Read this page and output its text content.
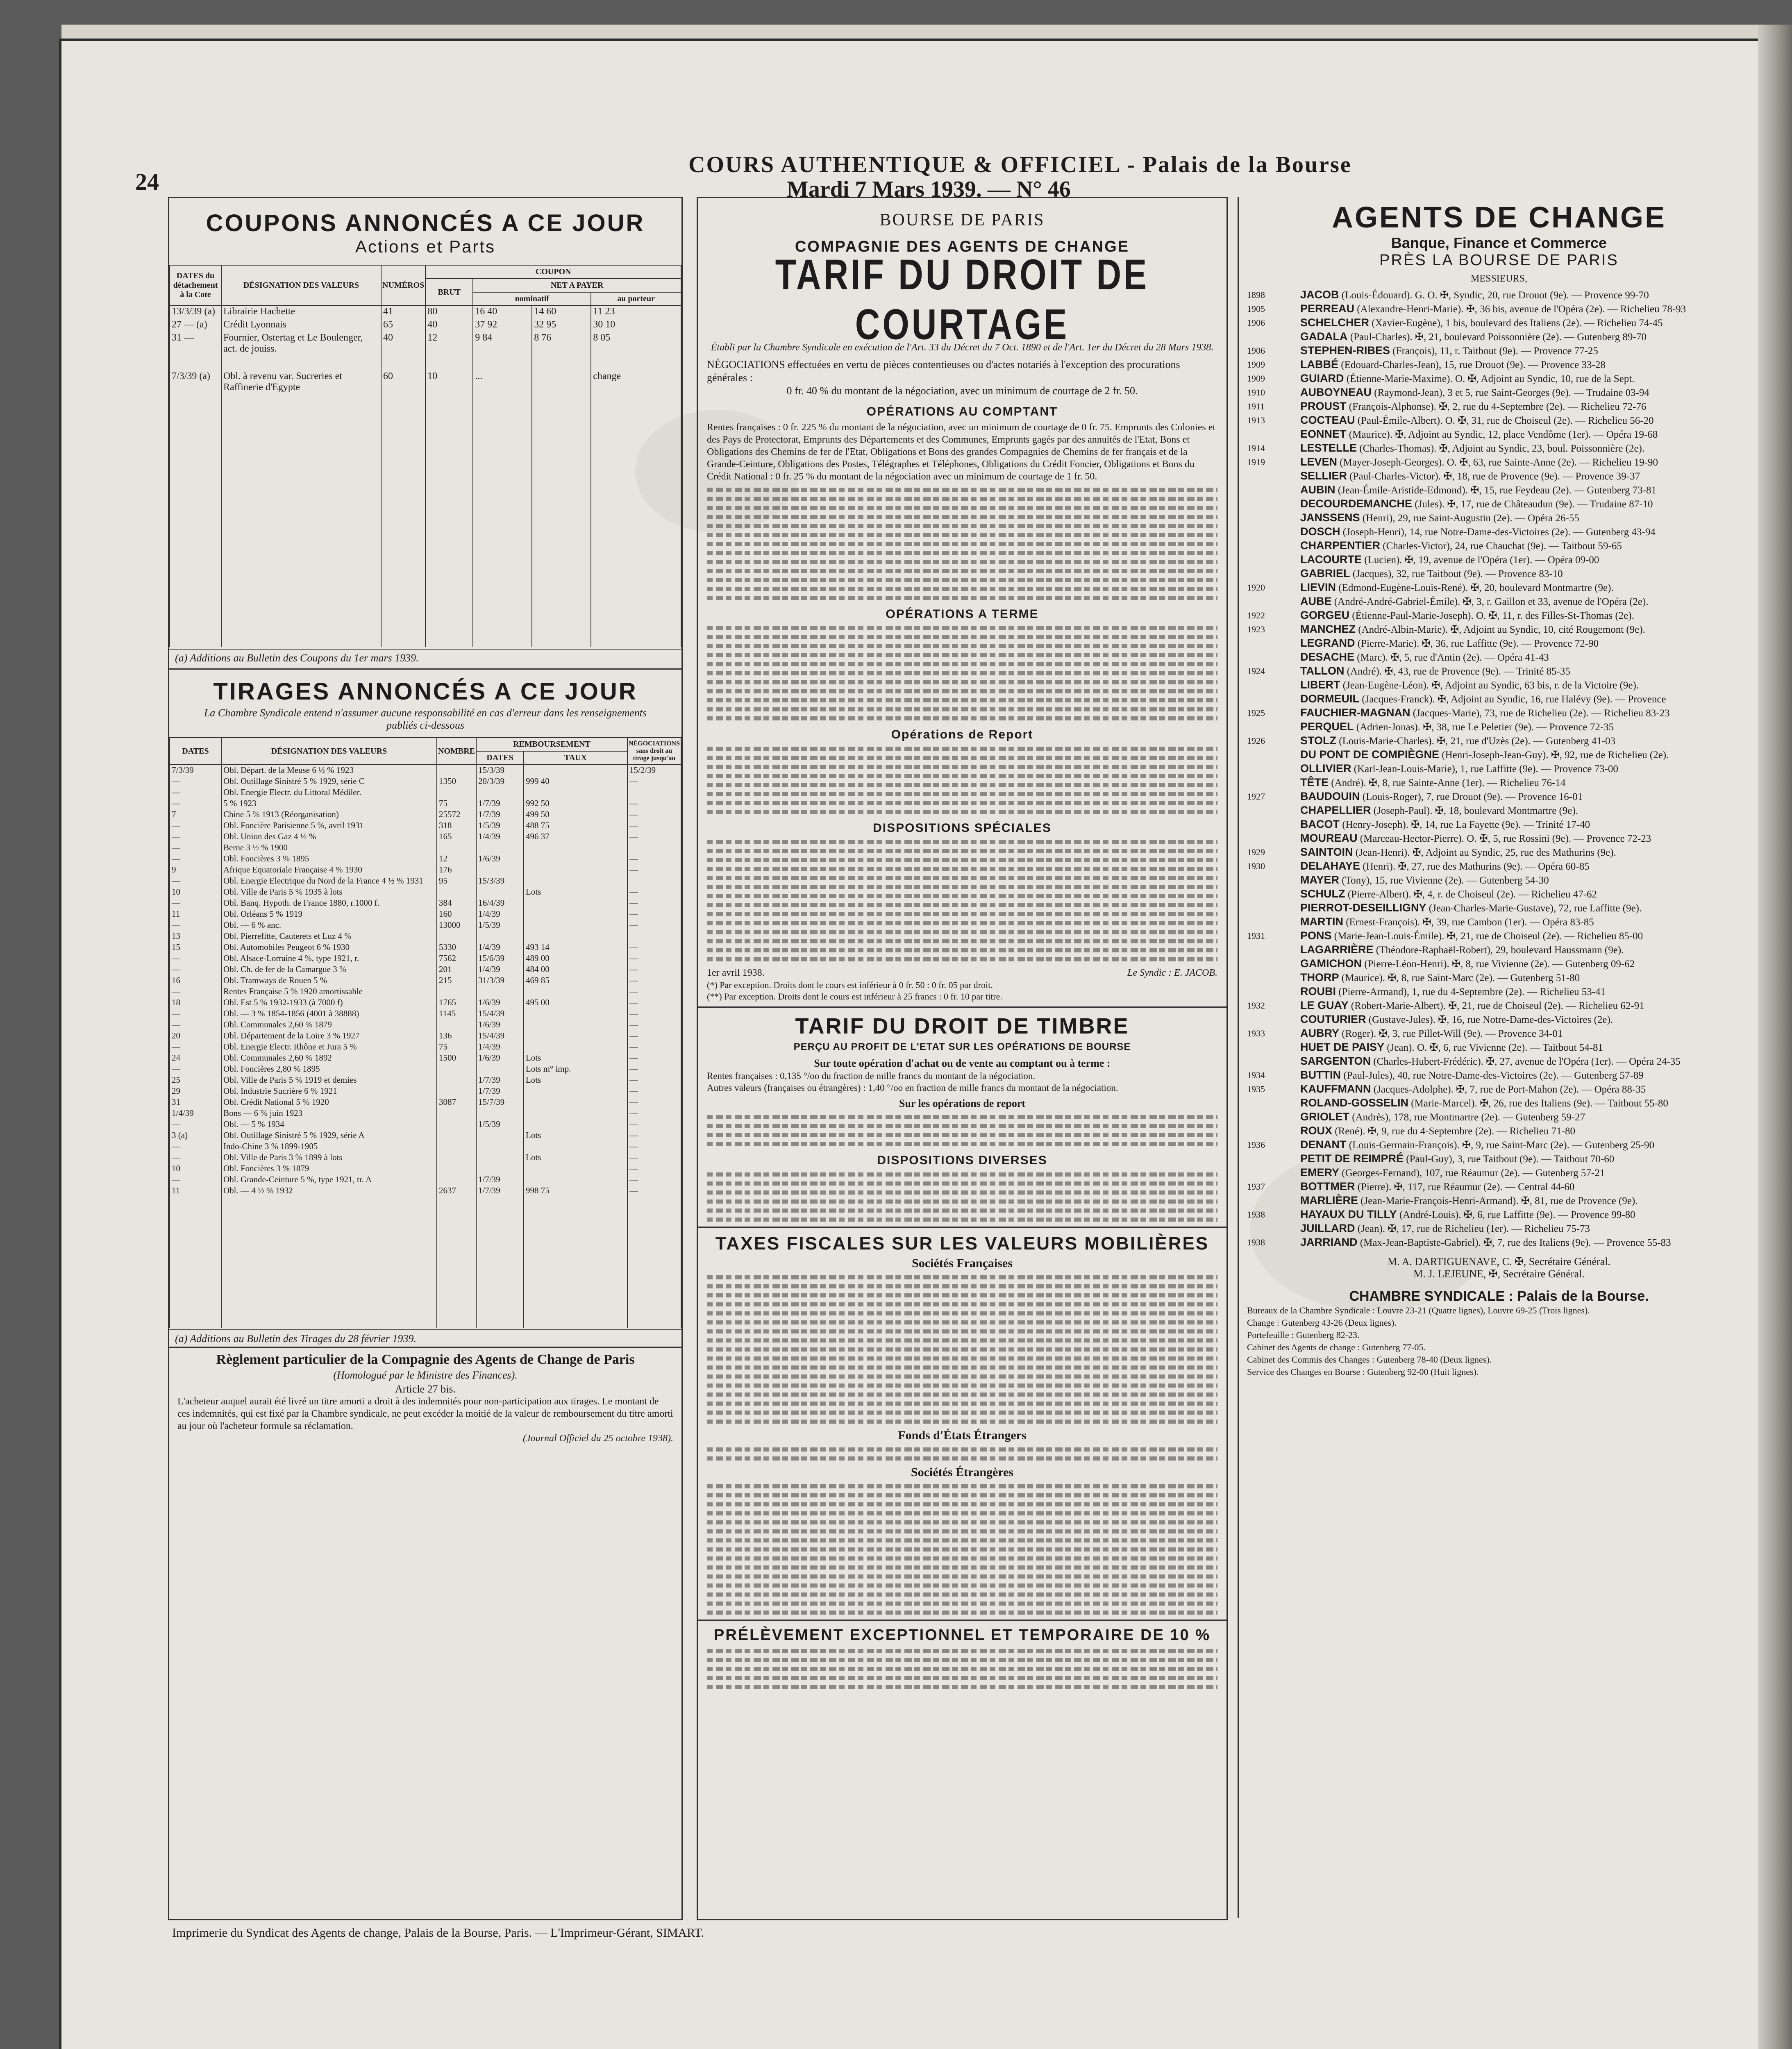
24
COURS AUTHENTIQUE & OFFICIEL - Palais de la Bourse
Mardi 7 Mars 1939. — N° 46
COUPONS ANNONCÉS A CE JOUR
Actions et Parts
DATES du détachement à la Cote	DÉSIGNATION DES VALEURS	NUMÉROS	COUPON			
			BRUT	NET A PAYER		
				nominatif		au porteur
13/3/39 (a)	Librairie Hachette	41	80	16 40	14 60	11 23
27 — (a)	Crédit Lyonnais	65	40	37 92	32 95	30 10
31 —	Fournier, Ostertag et Le Boulenger, act. de jouiss.	40	12	9 84	8 76	8 05
7/3/39 (a)	Obl. à revenu var. Sucreries et Raffinerie d'Egypte	60	10	...		change

(a) Additions au Bulletin des Coupons du 1er mars 1939.
TIRAGES ANNONCÉS A CE JOUR
La Chambre Syndicale entend n'assumer aucune responsabilité en cas d'erreur dans les renseignements publiés ci-dessous
DATES	DÉSIGNATION DES VALEURS	NOMBRE	REMBOURSEMENT		NÉGOCIATIONS sans droit au tirage jusqu'au
			DATES	TAUX	
7/3/39	Obl. Départ. de la Meuse 6 ½ % 1923		15/3/39		15/2/39
—	Obl. Outillage Sinistré 5 % 1929, série C	1350	20/3/39	999 40	—
—	Obl. Energie Electr. du Littoral Médiler.				
—	5 % 1923	75	1/7/39	992 50	—
7	Chine 5 % 1913 (Réorganisation)	25572	1/7/39	499 50	—
—	Obl. Foncière Parisienne 5 %, avril 1931	318	1/5/39	488 75	—
—	Obl. Union des Gaz 4 ½ %	165	1/4/39	496 37	—
—	Berne 3 ½ % 1900				
—	Obl. Foncières 3 % 1895	12	1/6/39		—
9	Afrique Equatoriale Française 4 % 1930	176			—
—	Obl. Energie Electrique du Nord de la France 4 ½ % 1931	95	15/3/39		
10	Obl. Ville de Paris 5 % 1935 à lots			Lots	—
—	Obl. Banq. Hypoth. de France 1880, r.1000 f.	384	16/4/39		—
11	Obl. Orléans 5 % 1919	160	1/4/39		—
—	Obl. — 6 % anc.	13000	1/5/39		—
13	Obl. Pierrefitte, Cauterets et Luz 4 %				
15	Obl. Automobiles Peugeot 6 % 1930	5330	1/4/39	493 14	—
—	Obl. Alsace-Lorraine 4 %, type 1921, r.	7562	15/6/39	489 00	—
—	Obl. Ch. de fer de la Camargue 3 %	201	1/4/39	484 00	—
16	Obl. Tramways de Rouen 5 %	215	31/3/39	469 85	—
—	Rentes Française 5 % 1920 amortissable				—
18	Obl. Est 5 % 1932-1933 (à 7000 f)	1765	1/6/39	495 00	—
—	Obl. — 3 % 1854-1856 (4001 à 38888)	1145	15/4/39		—
—	Obl. Communales 2,60 % 1879		1/6/39		—
20	Obl. Département de la Loire 3 % 1927	136	15/4/39		—
—	Obl. Energie Electr. Rhône et Jura 5 %	75	1/4/39		—
24	Obl. Communales 2,60 % 1892	1500	1/6/39	Lots	—
—	Obl. Foncières 2,80 % 1895			Lots m° imp.	—
25	Obl. Ville de Paris 5 % 1919 et demies		1/7/39	Lots	—
29	Obl. Industrie Sucrière 6 % 1921		1/7/39		—
31	Obl. Crédit National 5 % 1920	3087	15/7/39		—
1/4/39	Bons — 6 % juin 1923				—
—	Obl. — 5 % 1934		1/5/39		—
3 (a)	Obl. Outillage Sinistré 5 % 1929, série A			Lots	—
—	Indo-Chine 3 % 1899-1905				—
—	Obl. Ville de Paris 3 % 1899 à lots			Lots	—
10	Obl. Foncières 3 % 1879				—
—	Obl. Grande-Ceinture 5 %, type 1921, tr. A		1/7/39		—
11	Obl. — 4 ½ % 1932	2637	1/7/39	998 75	—

(a) Additions au Bulletin des Tirages du 28 février 1939.
Règlement particulier de la Compagnie des Agents de Change de Paris
(Homologué par le Ministre des Finances).
Article 27 bis.
L'acheteur auquel aurait été livré un titre amorti a droit à des indemnités pour non-participation aux tirages. Le montant de ces indemnités, qui est fixé par la Chambre syndicale, ne peut excéder la moitié de la valeur de remboursement du titre amorti au jour où l'acheteur formule sa réclamation.
(Journal Officiel du 25 octobre 1938).
BOURSE DE PARIS
COMPAGNIE DES AGENTS DE CHANGE
TARIF DU DROIT DE COURTAGE
Établi par la Chambre Syndicale en exécution de l'Art. 33 du Décret du 7 Oct. 1890 et de l'Art. 1er du Décret du 28 Mars 1938.
NÉGOCIATIONS effectuées en vertu de pièces contentieuses ou d'actes notariés à l'exception des procurations générales :
0 fr. 40 % du montant de la négociation, avec un minimum de courtage de 2 fr. 50.
OPÉRATIONS AU COMPTANT
Rentes françaises : 0 fr. 225 % du montant de la négociation, avec un minimum de courtage de 0 fr. 75. Emprunts des Colonies et des Pays de Protectorat, Emprunts des Départements et des Communes, Emprunts gagés par des annuités de l'Etat, Bons et Obligations des Chemins de fer de l'Etat, Obligations et Bons des grandes Compagnies de Chemins de fer français et de la Grande-Ceinture, Obligations des Postes, Télégraphes et Téléphones, Obligations du Crédit Foncier, Obligations et Bons du Crédit National : 0 fr. 25 % du montant de la négociation avec un minimum de courtage de 1 fr. 50.
OPÉRATIONS A TERME
Opérations de Report
DISPOSITIONS SPÉCIALES
1er avril 1938.	Le Syndic : E. JACOB.
(*) Par exception. Droits dont le cours est inférieur à 0 fr. 50 : 0 fr. 05 par droit.
(**) Par exception. Droits dont le cours est inférieur à 25 francs : 0 fr. 10 par titre.
TARIF DU DROIT DE TIMBRE
PERÇU AU PROFIT DE L'ETAT SUR LES OPÉRATIONS DE BOURSE
Sur toute opération d'achat ou de vente au comptant ou à terme :
Rentes françaises : 0,135 °/oo du fraction de mille francs du montant de la négociation.
Autres valeurs (françaises ou étrangères) : 1,40 °/oo en fraction de mille francs du montant de la négociation.
Sur les opérations de report
DISPOSITIONS DIVERSES
TAXES FISCALES SUR LES VALEURS MOBILIÈRES
Sociétés Françaises
Fonds d'États Étrangers
Sociétés Étrangères
PRÉLÈVEMENT EXCEPTIONNEL ET TEMPORAIRE DE 10 %
AGENTS DE CHANGE
Banque, Finance et Commerce
PRÈS LA BOURSE DE PARIS
MESSIEURS,
1898	JACOB (Louis-Édouard). G. O. ✠, Syndic, 20, rue Drouot (9e). — Provence 99-70
1905	PERREAU (Alexandre-Henri-Marie). ✠, 36 bis, avenue de l'Opéra (2e). — Richelieu 78-93
1906	SCHELCHER (Xavier-Eugène), 1 bis, boulevard des Italiens (2e). — Richelieu 74-45
GADALA (Paul-Charles). ✠, 21, boulevard Poissonnière (2e). — Gutenberg 89-70
1906	STEPHEN-RIBES (François), 11, r. Taitbout (9e). — Provence 77-25
1909	LABBÉ (Edouard-Charles-Jean), 15, rue Drouot (9e). — Provence 33-28
1909	GUIARD (Étienne-Marie-Maxime). O. ✠, Adjoint au Syndic, 10, rue de la Sept.
1910	AUBOYNEAU (Raymond-Jean), 3 et 5, rue Saint-Georges (9e). — Trudaine 03-94
1911	PROUST (François-Alphonse). ✠, 2, rue du 4-Septembre (2e). — Richelieu 72-76
1913	COCTEAU (Paul-Émile-Albert). O. ✠, 31, rue de Choiseul (2e). — Richelieu 56-20
EONNET (Maurice). ✠, Adjoint au Syndic, 12, place Vendôme (1er). — Opéra 19-68
1914	LESTELLE (Charles-Thomas). ✠, Adjoint au Syndic, 23, boul. Poissonnière (2e).
1919	LEVEN (Mayer-Joseph-Georges). O. ✠, 63, rue Sainte-Anne (2e). — Richelieu 19-90
SELLIER (Paul-Charles-Victor). ✠, 18, rue de Provence (9e). — Provence 39-37
AUBIN (Jean-Émile-Aristide-Edmond). ✠, 15, rue Feydeau (2e). — Gutenberg 73-81
DECOURDEMANCHE (Jules). ✠, 17, rue de Châteaudun (9e). — Trudaine 87-10
JANSSENS (Henri), 29, rue Saint-Augustin (2e). — Opéra 26-55
DOSCH (Joseph-Henri), 14, rue Notre-Dame-des-Victoires (2e). — Gutenberg 43-94
CHARPENTIER (Charles-Victor), 24, rue Chauchat (9e). — Taitbout 59-65
LACOURTE (Lucien). ✠, 19, avenue de l'Opéra (1er). — Opéra 09-00
GABRIEL (Jacques), 32, rue Taitbout (9e). — Provence 83-10
1920	LIEVIN (Edmond-Eugène-Louis-René). ✠, 20, boulevard Montmartre (9e).
AUBE (André-André-Gabriel-Émile). ✠, 3, r. Gaillon et 33, avenue de l'Opéra (2e).
1922	GORGEU (Étienne-Paul-Marie-Joseph). O. ✠, 11, r. des Filles-St-Thomas (2e).
1923	MANCHEZ (André-Albin-Marie). ✠, Adjoint au Syndic, 10, cité Rougemont (9e).
LEGRAND (Pierre-Marie). ✠, 36, rue Laffitte (9e). — Provence 72-90
DESACHE (Marc). ✠, 5, rue d'Antin (2e). — Opéra 41-43
1924	TALLON (André). ✠, 43, rue de Provence (9e). — Trinité 85-35
LIBERT (Jean-Eugène-Léon). ✠, Adjoint au Syndic, 63 bis, r. de la Victoire (9e).
DORMEUIL (Jacques-Franck). ✠, Adjoint au Syndic, 16, rue Halévy (9e). — Provence
1925	FAUCHIER-MAGNAN (Jacques-Marie), 73, rue de Richelieu (2e). — Richelieu 83-23
PERQUEL (Adrien-Jonas). ✠, 38, rue Le Peletier (9e). — Provence 72-35
1926	STOLZ (Louis-Marie-Charles). ✠, 21, rue d'Uzès (2e). — Gutenberg 41-03
DU PONT DE COMPIÈGNE (Henri-Joseph-Jean-Guy). ✠, 92, rue de Richelieu (2e).
OLLIVIER (Karl-Jean-Louis-Marie), 1, rue Laffitte (9e). — Provence 73-00
TÊTE (André). ✠, 8, rue Sainte-Anne (1er). — Richelieu 76-14
1927	BAUDOUIN (Louis-Roger), 7, rue Drouot (9e). — Provence 16-01
CHAPELLIER (Joseph-Paul). ✠, 18, boulevard Montmartre (9e).
BACOT (Henry-Joseph). ✠, 14, rue La Fayette (9e). — Trinité 17-40
MOUREAU (Marceau-Hector-Pierre). O. ✠, 5, rue Rossini (9e). — Provence 72-23
1929	SAINTOIN (Jean-Henri). ✠, Adjoint au Syndic, 25, rue des Mathurins (9e).
1930	DELAHAYE (Henri). ✠, 27, rue des Mathurins (9e). — Opéra 60-85
MAYER (Tony), 15, rue Vivienne (2e). — Gutenberg 54-30
SCHULZ (Pierre-Albert). ✠, 4, r. de Choiseul (2e). — Richelieu 47-62
PIERROT-DESEILLIGNY (Jean-Charles-Marie-Gustave), 72, rue Laffitte (9e).
MARTIN (Ernest-François). ✠, 39, rue Cambon (1er). — Opéra 83-85
1931	PONS (Marie-Jean-Louis-Émile). ✠, 21, rue de Choiseul (2e). — Richelieu 85-00
LAGARRIÈRE (Théodore-Raphaël-Robert), 29, boulevard Haussmann (9e).
GAMICHON (Pierre-Léon-Henri). ✠, 8, rue Vivienne (2e). — Gutenberg 09-62
THORP (Maurice). ✠, 8, rue Saint-Marc (2e). — Gutenberg 51-80
ROUBI (Pierre-Armand), 1, rue du 4-Septembre (2e). — Richelieu 53-41
1932	LE GUAY (Robert-Marie-Albert). ✠, 21, rue de Choiseul (2e). — Richelieu 62-91
COUTURIER (Gustave-Jules). ✠, 16, rue Notre-Dame-des-Victoires (2e).
1933	AUBRY (Roger). ✠, 3, rue Pillet-Will (9e). — Provence 34-01
HUET DE PAISY (Jean). O. ✠, 6, rue Vivienne (2e). — Taitbout 54-81
SARGENTON (Charles-Hubert-Frédéric). ✠, 27, avenue de l'Opéra (1er). — Opéra 24-35
1934	BUTTIN (Paul-Jules), 40, rue Notre-Dame-des-Victoires (2e). — Gutenberg 57-89
1935	KAUFFMANN (Jacques-Adolphe). ✠, 7, rue de Port-Mahon (2e). — Opéra 88-35
ROLAND-GOSSELIN (Marie-Marcel). ✠, 26, rue des Italiens (9e). — Taitbout 55-80
GRIOLET (Andrès), 178, rue Montmartre (2e). — Gutenberg 59-27
ROUX (René). ✠, 9, rue du 4-Septembre (2e). — Richelieu 71-80
1936	DENANT (Louis-Germain-François). ✠, 9, rue Saint-Marc (2e). — Gutenberg 25-90
PETIT DE REIMPRÉ (Paul-Guy), 3, rue Taitbout (9e). — Taitbout 70-60
EMERY (Georges-Fernand), 107, rue Réaumur (2e). — Gutenberg 57-21
1937	BOTTMER (Pierre). ✠, 117, rue Réaumur (2e). — Central 44-60
MARLIÈRE (Jean-Marie-François-Henri-Armand). ✠, 81, rue de Provence (9e).
1938	HAYAUX DU TILLY (André-Louis). ✠, 6, rue Laffitte (9e). — Provence 99-80
JUILLARD (Jean). ✠, 17, rue de Richelieu (1er). — Richelieu 75-73
1938	JARRIAND (Max-Jean-Baptiste-Gabriel). ✠, 7, rue des Italiens (9e). — Provence 55-83
M. A. DARTIGUENAVE, C. ✠, Secrétaire Général.
M. J. LEJEUNE, ✠, Secrétaire Général.
CHAMBRE SYNDICALE : Palais de la Bourse.
Bureaux de la Chambre Syndicale : Louvre 23-21 (Quatre lignes), Louvre 69-25 (Trois lignes).
Change : Gutenberg 43-26 (Deux lignes).
Portefeuille : Gutenberg 82-23.
Cabinet des Agents de change : Gutenberg 77-05.
Cabinet des Commis des Changes : Gutenberg 78-40 (Deux lignes).
Service des Changes en Bourse : Gutenberg 92-00 (Huit lignes).
Imprimerie du Syndicat des Agents de change, Palais de la Bourse, Paris. — L'Imprimeur-Gérant, SIMART.
